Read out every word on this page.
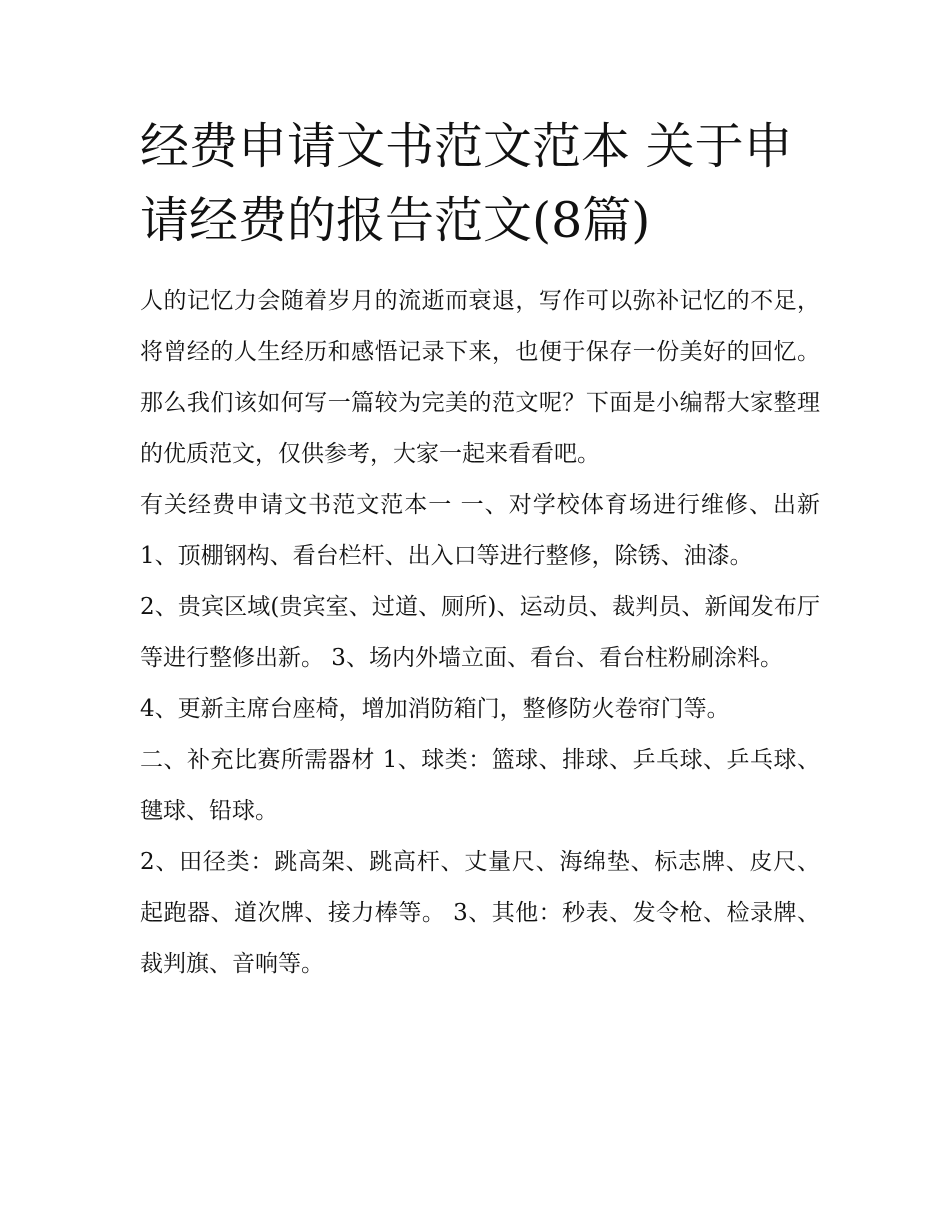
经费申请文书范文范本 关于申请经费的报告范文(8篇)

人的记忆力会随着岁月的流逝而衰退，写作可以弥补记忆的不足，将曾经的人生经历和感悟记录下来，也便于保存一份美好的回忆。那么我们该如何写一篇较为完美的范文呢？下面是小编帮大家整理的优质范文，仅供参考，大家一起来看看吧。

有关经费申请文书范文范本一 一、对学校体育场进行维修、出新 1、顶棚钢构、看台栏杆、出入口等进行整修，除锈、油漆。

2、贵宾区域(贵宾室、过道、厕所)、运动员、裁判员、新闻发布厅等进行整修出新。 3、场内外墙立面、看台、看台柱粉刷涂料。

4、更新主席台座椅，增加消防箱门，整修防火卷帘门等。

二、补充比赛所需器材 1、球类：篮球、排球、乒乓球、乒乓球、毽球、铅球。

2、田径类：跳高架、跳高杆、丈量尺、海绵垫、标志牌、皮尺、起跑器、道次牌、接力棒等。 3、其他：秒表、发令枪、检录牌、裁判旗、音响等。
